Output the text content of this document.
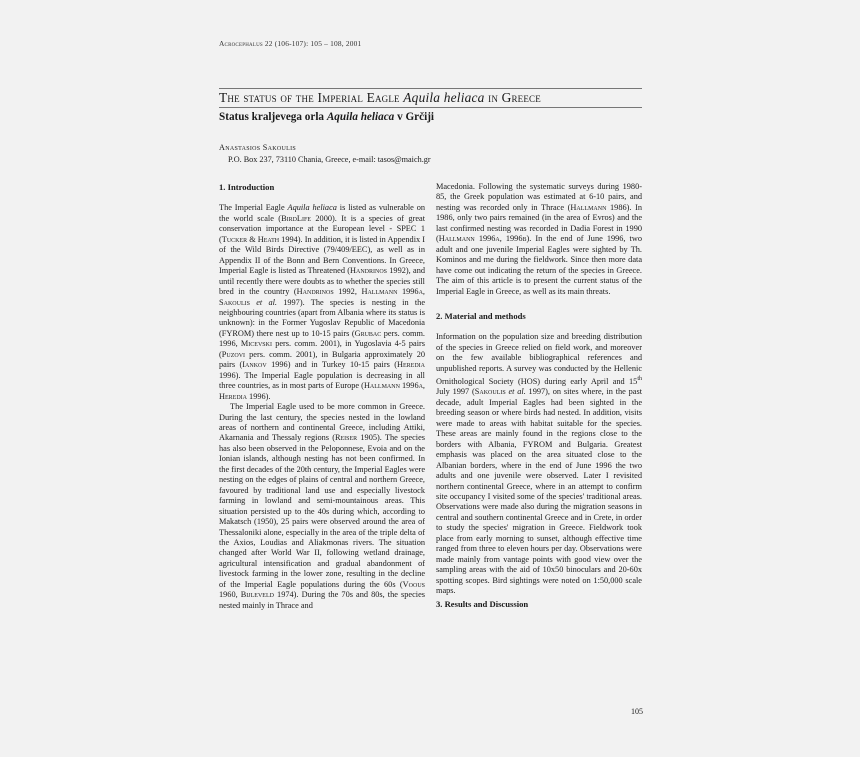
Acrocephalus 22 (106-107): 105 – 108, 2001
The status of the Imperial Eagle Aquila heliaca in Greece
Status kraljevega orla Aquila heliaca v Grčiji
Anastasios Sakoulis
P.O. Box 237, 73110 Chania, Greece, e-mail: tasos@maich.gr
1. Introduction

The Imperial Eagle Aquila heliaca is listed as vulnerable on the world scale (BirdLife 2000). It is a species of great conservation importance at the European level - SPEC 1 (Tucker & Heath 1994). In addition, it is listed in Appendix I of the Wild Birds Directive (79/409/EEC), as well as in Appendix II of the Bonn and Bern Conventions. In Greece, Imperial Eagle is listed as Threatened (Handrinos 1992), and until recently there were doubts as to whether the species still bred in the country (Handrinos 1992, Hallmann 1996a, Sakoulis et al. 1997). The species is nesting in the neighbouring countries (apart from Albania where its status is unknown): in the Former Yugoslav Republic of Macedonia (FYROM) there nest up to 10-15 pairs (Grubac pers. comm. 1996, Micevski pers. comm. 2001), in Yugoslavia 4-5 pairs (Puzovi pers. comm. 2001), in Bulgaria approximately 20 pairs (Iankov 1996) and in Turkey 10-15 pairs (Heredia 1996). The Imperial Eagle population is decreasing in all three countries, as in most parts of Europe (Hallmann 1996a, Heredia 1996).

The Imperial Eagle used to be more common in Greece. During the last century, the species nested in the lowland areas of northern and continental Greece, including Attiki, Akarnania and Thessaly regions (Reiser 1905). The species has also been observed in the Peloponnese, Evoia and on the Ionian islands, although nesting has not been confirmed. In the first decades of the 20th century, the Imperial Eagles were nesting on the edges of plains of central and northern Greece, favoured by traditional land use and especially livestock farming in lowland and semi-mountainous areas. This situation persisted up to the 40s during which, according to Makatsch (1950), 25 pairs were observed around the area of Thessaloniki alone, especially in the area of the triple delta of the Axios, Loudias and Aliakmonas rivers. The situation changed after World War II, following wetland drainage, agricultural intensification and gradual abandonment of livestock farming in the lower zone, resulting in the decline of the Imperial Eagle populations during the 60s (Voous 1960, Bijleveld 1974). During the 70s and 80s, the species nested mainly in Thrace and

Macedonia. Following the systematic surveys during 1980-85, the Greek population was estimated at 6-10 pairs, and nesting was recorded only in Thrace (Hallmann 1986). In 1986, only two pairs remained (in the area of Evros) and the last confirmed nesting was recorded in Dadia Forest in 1990 (Hallmann 1996a, 1996b). In the end of June 1996, two adult and one juvenile Imperial Eagles were sighted by Th. Kominos and me during the fieldwork. Since then more data have come out indicating the return of the species in Greece. The aim of this article is to present the current status of the Imperial Eagle in Greece, as well as its main threats.

2. Material and methods

Information on the population size and breeding distribution of the species in Greece relied on field work, and moreover on the few available bibliographical references and unpublished reports. A survey was conducted by the Hellenic Ornithological Society (HOS) during early April and 15th July 1997 (Sakoulis et al. 1997), on sites where, in the past decade, adult Imperial Eagles had been sighted in the breeding season or where birds had nested. In addition, visits were made to areas with habitat suitable for the species. These areas are mainly found in the regions close to the borders with Albania, FYROM and Bulgaria. Greatest emphasis was placed on the area situated close to the Albanian borders, where in the end of June 1996 the two adults and one juvenile were observed. Later I revisited northern continental Greece, where in an attempt to confirm site occupancy I visited some of the species' traditional areas. Observations were made also during the migration seasons in central and southern continental Greece and in Crete, in order to study the species' migration in Greece. Fieldwork took place from early morning to sunset, although effective time ranged from three to eleven hours per day. Observations were made mainly from vantage points with good view over the sampling areas with the aid of 10x50 binoculars and 20-60x spotting scopes. Bird sightings were noted on 1:50,000 scale maps.

3. Results and Discussion
105
